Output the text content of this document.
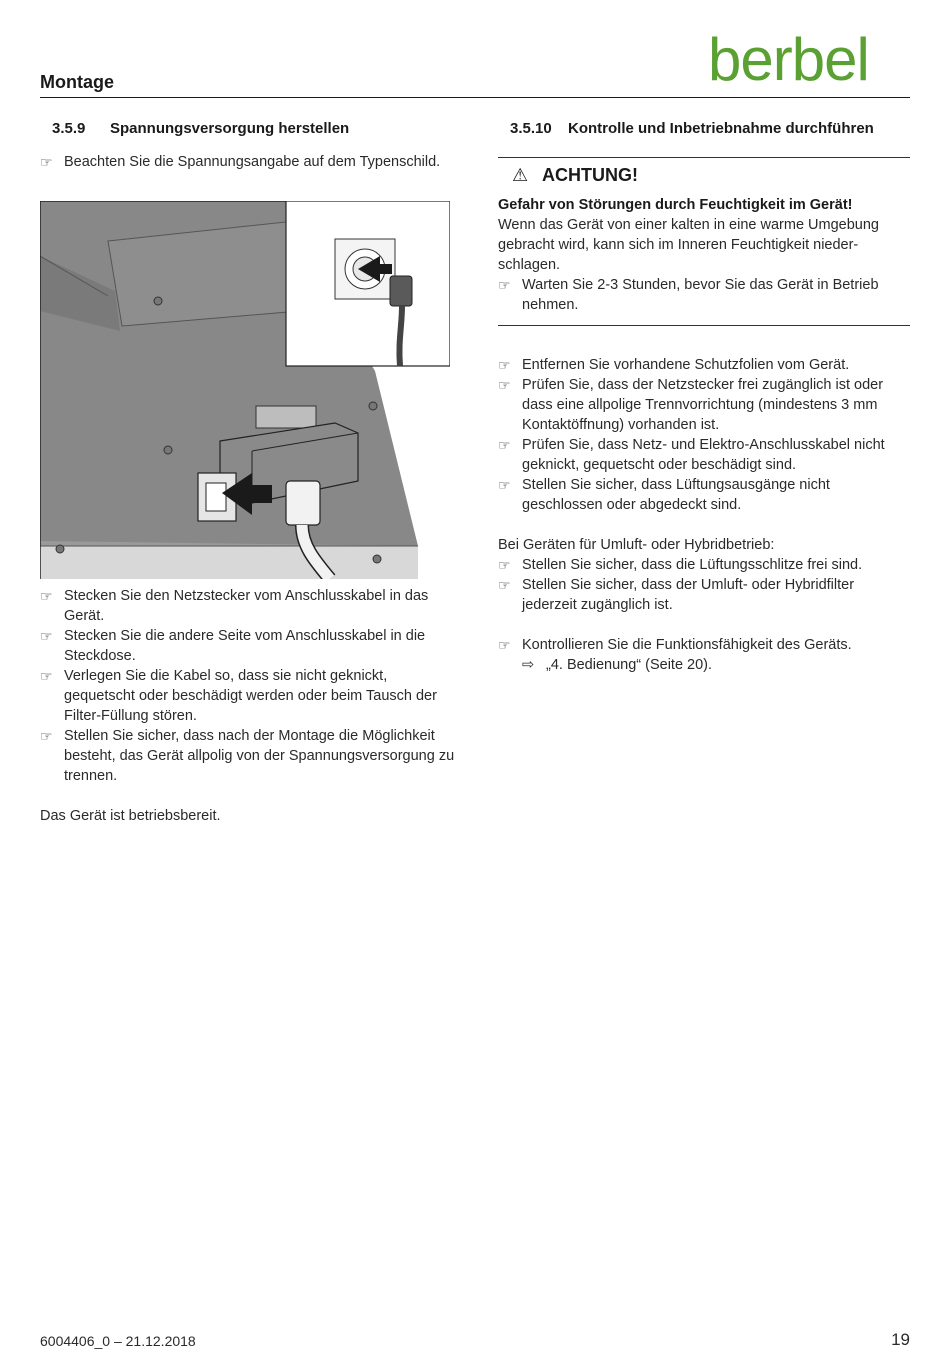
Montage	berbel
3.5.9 Spannungsversorgung herstellen
☞ Beachten Sie die Spannungsangabe auf dem Typenschild.
☞ Stecken Sie den Netzstecker vom Anschlusskabel in das Gerät.
☞ Stecken Sie die andere Seite vom Anschlusskabel in die Steckdose.
☞ Verlegen Sie die Kabel so, dass sie nicht geknickt, gequetscht oder beschädigt werden oder beim Tausch der Filter-Füllung stören.
☞ Stellen Sie sicher, dass nach der Montage die Möglichkeit besteht, das Gerät allpolig von der Spannungsversorgung zu trennen.

Das Gerät ist betriebsbereit.

3.5.10 Kontrolle und Inbetriebnahme durchführen
⚠ ACHTUNG!

Gefahr von Störungen durch Feuchtigkeit im Gerät!

Wenn das Gerät von einer kalten in eine warme Umgebung gebracht wird, kann sich im Inneren Feuchtigkeit nieder-schlagen.

☞ Warten Sie 2-3 Stunden, bevor Sie das Gerät in Betrieb nehmen.
☞ Entfernen Sie vorhandene Schutzfolien vom Gerät.
☞ Prüfen Sie, dass der Netzstecker frei zugänglich ist oder dass eine allpolige Trennvorrichtung (mindestens 3 mm Kontaktöffnung) vorhanden ist.
☞ Prüfen Sie, dass Netz- und Elektro-Anschlusskabel nicht geknickt, gequetscht oder beschädigt sind.
☞ Stellen Sie sicher, dass Lüftungsausgänge nicht geschlossen oder abgedeckt sind.

Bei Geräten für Umluft- oder Hybridbetrieb:

☞ Stellen Sie sicher, dass die Lüftungsschlitze frei sind.
☞ Stellen Sie sicher, dass der Umluft- oder Hybridfilter jederzeit zugänglich ist.
☞ Kontrollieren Sie die Funktionsfähigkeit des Geräts.
⇨ „4. Bedienung“ (Seite 20).
6004406_0 – 21.12.2018	19
